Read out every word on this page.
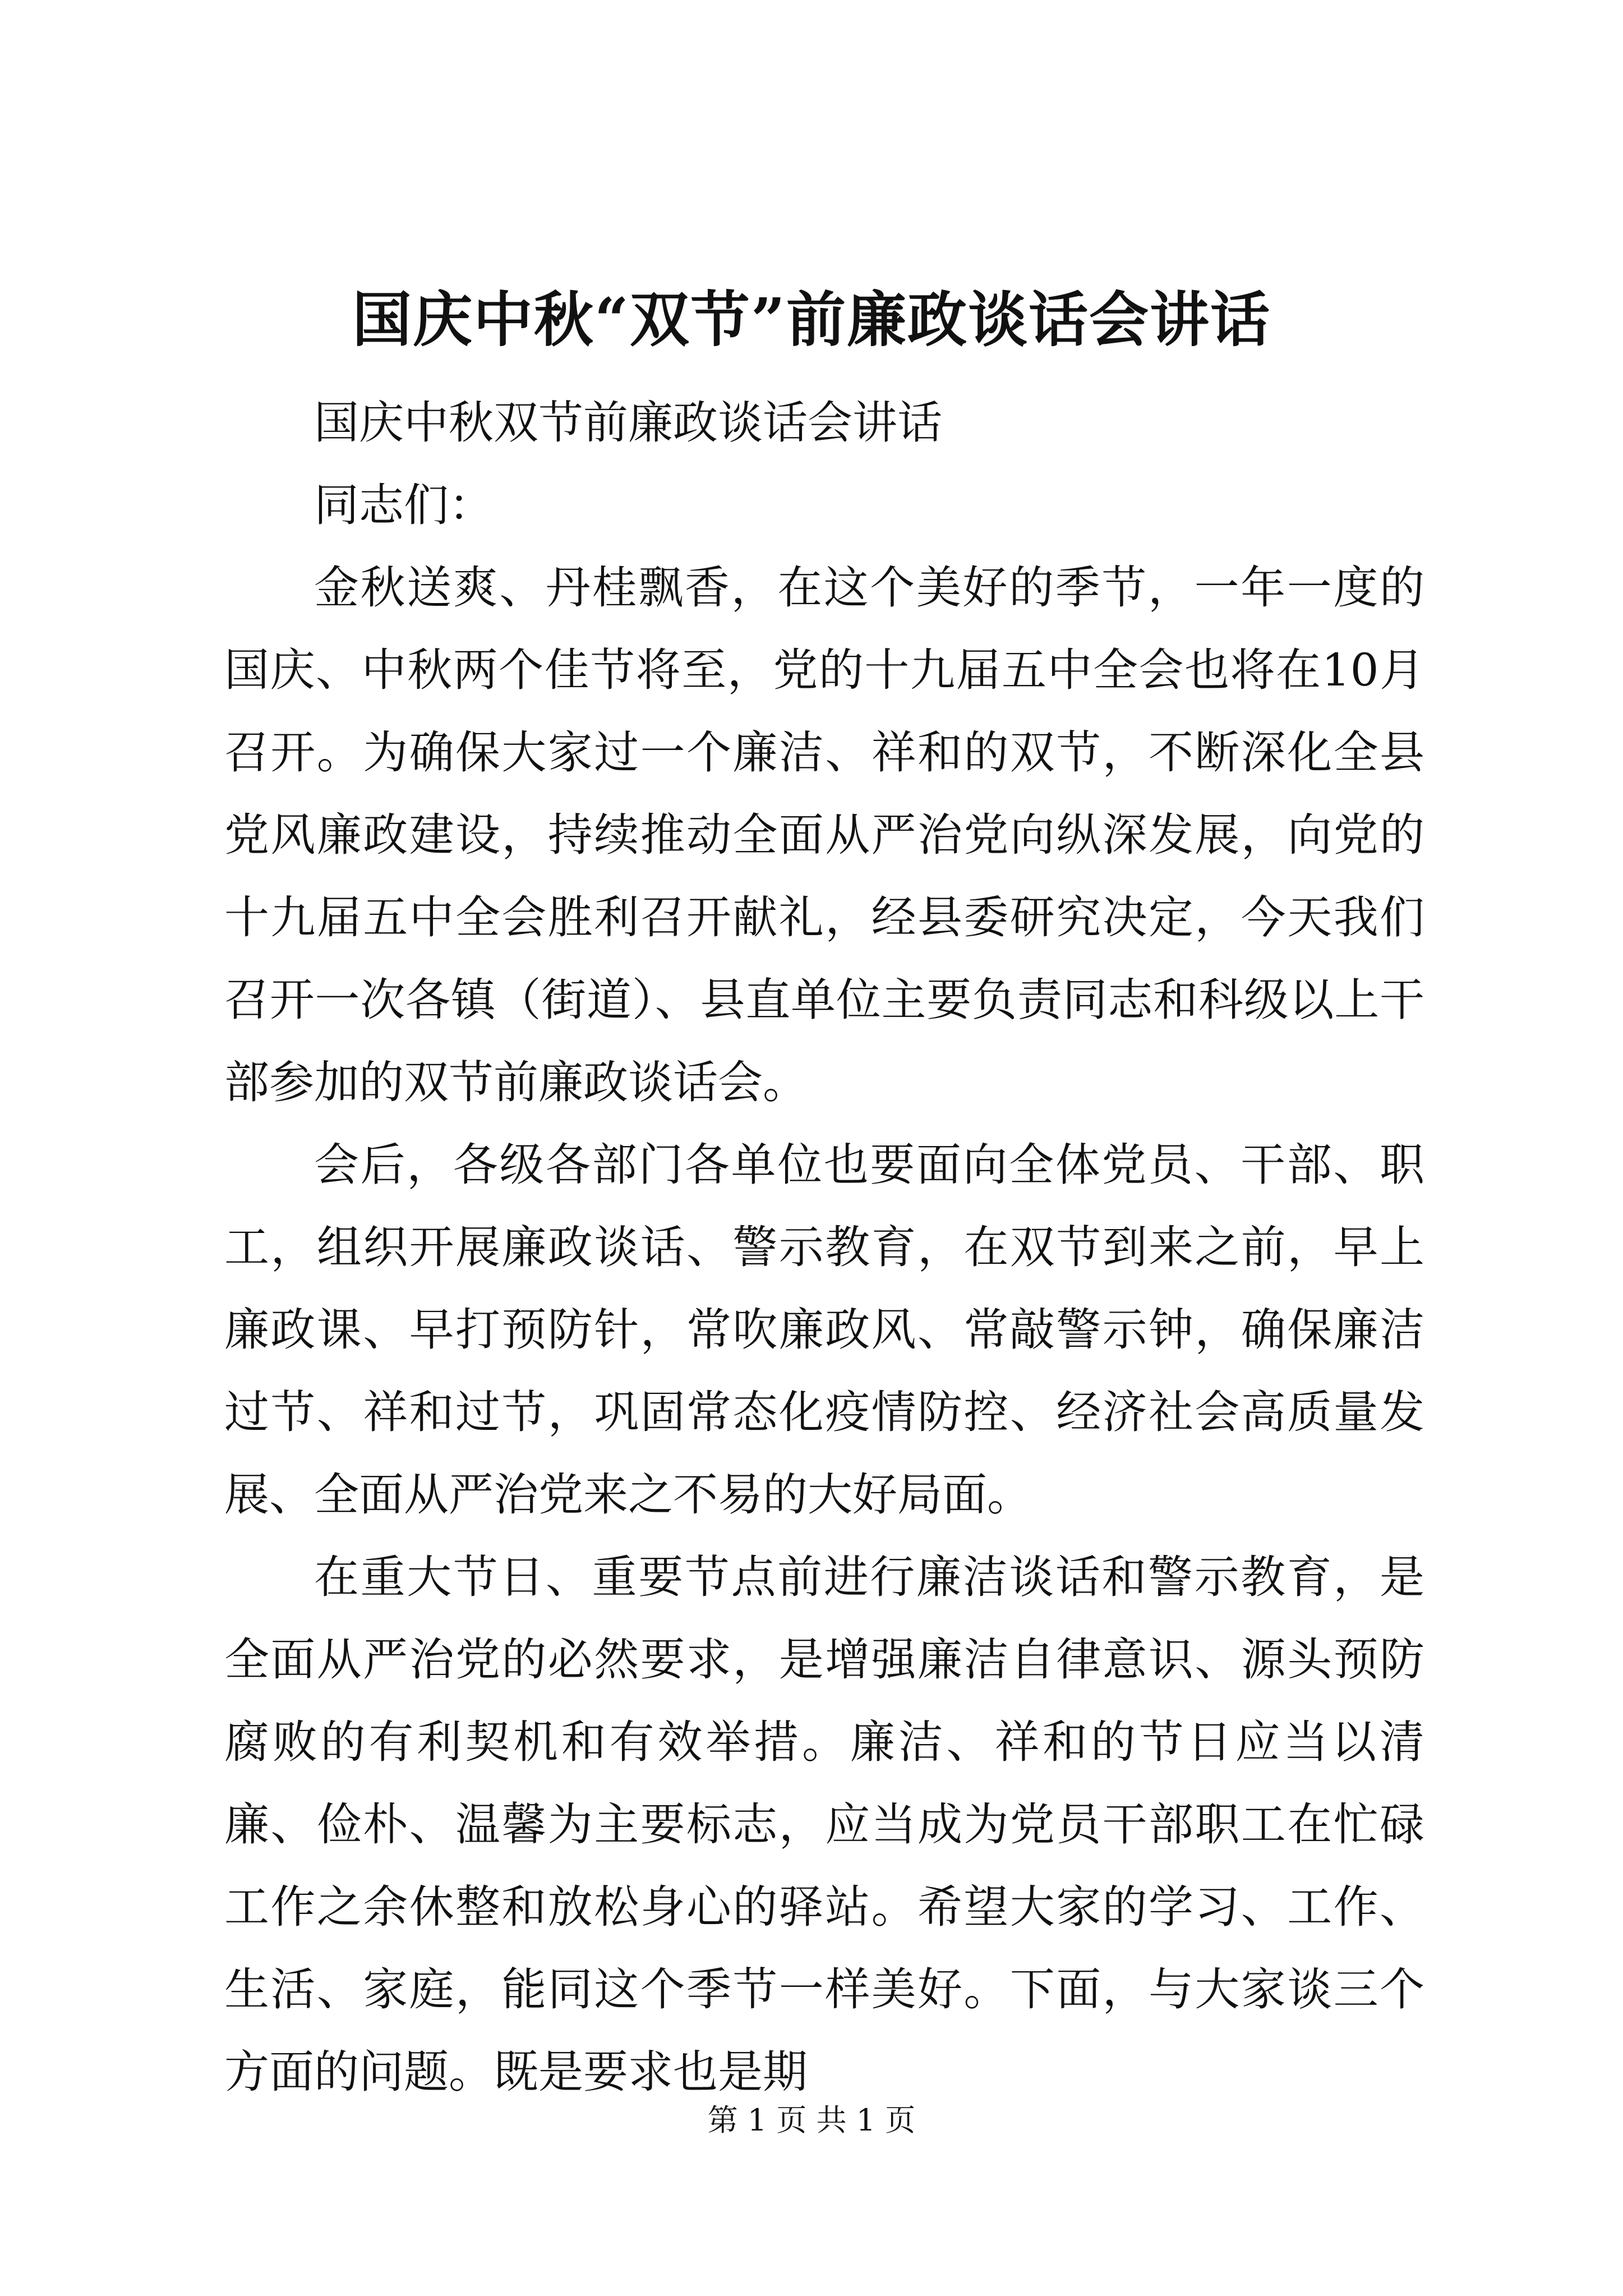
国庆中秋“双节”前廉政谈话会讲话

国庆中秋双节前廉政谈话会讲话

同志们：

金秋送爽、丹桂飘香，在这个美好的季节，一年一度的国庆、中秋两个佳节将至，党的十九届五中全会也将在10月召开。为确保大家过一个廉洁、祥和的双节，不断深化全县党风廉政建设，持续推动全面从严治党向纵深发展，向党的十九届五中全会胜利召开献礼，经县委研究决定，今天我们召开一次各镇（街道）、县直单位主要负责同志和科级以上干部参加的双节前廉政谈话会。

会后，各级各部门各单位也要面向全体党员、干部、职工，组织开展廉政谈话、警示教育，在双节到来之前，早上廉政课、早打预防针，常吹廉政风、常敲警示钟，确保廉洁过节、祥和过节，巩固常态化疫情防控、经济社会高质量发展、全面从严治党来之不易的大好局面。

在重大节日、重要节点前进行廉洁谈话和警示教育，是全面从严治党的必然要求，是增强廉洁自律意识、源头预防腐败的有利契机和有效举措。廉洁、祥和的节日应当以清廉、俭朴、温馨为主要标志，应当成为党员干部职工在忙碌工作之余休整和放松身心的驿站。希望大家的学习、工作、生活、家庭，能同这个季节一样美好。下面，与大家谈三个方面的问题。既是要求也是期

第 1 页 共 1 页
